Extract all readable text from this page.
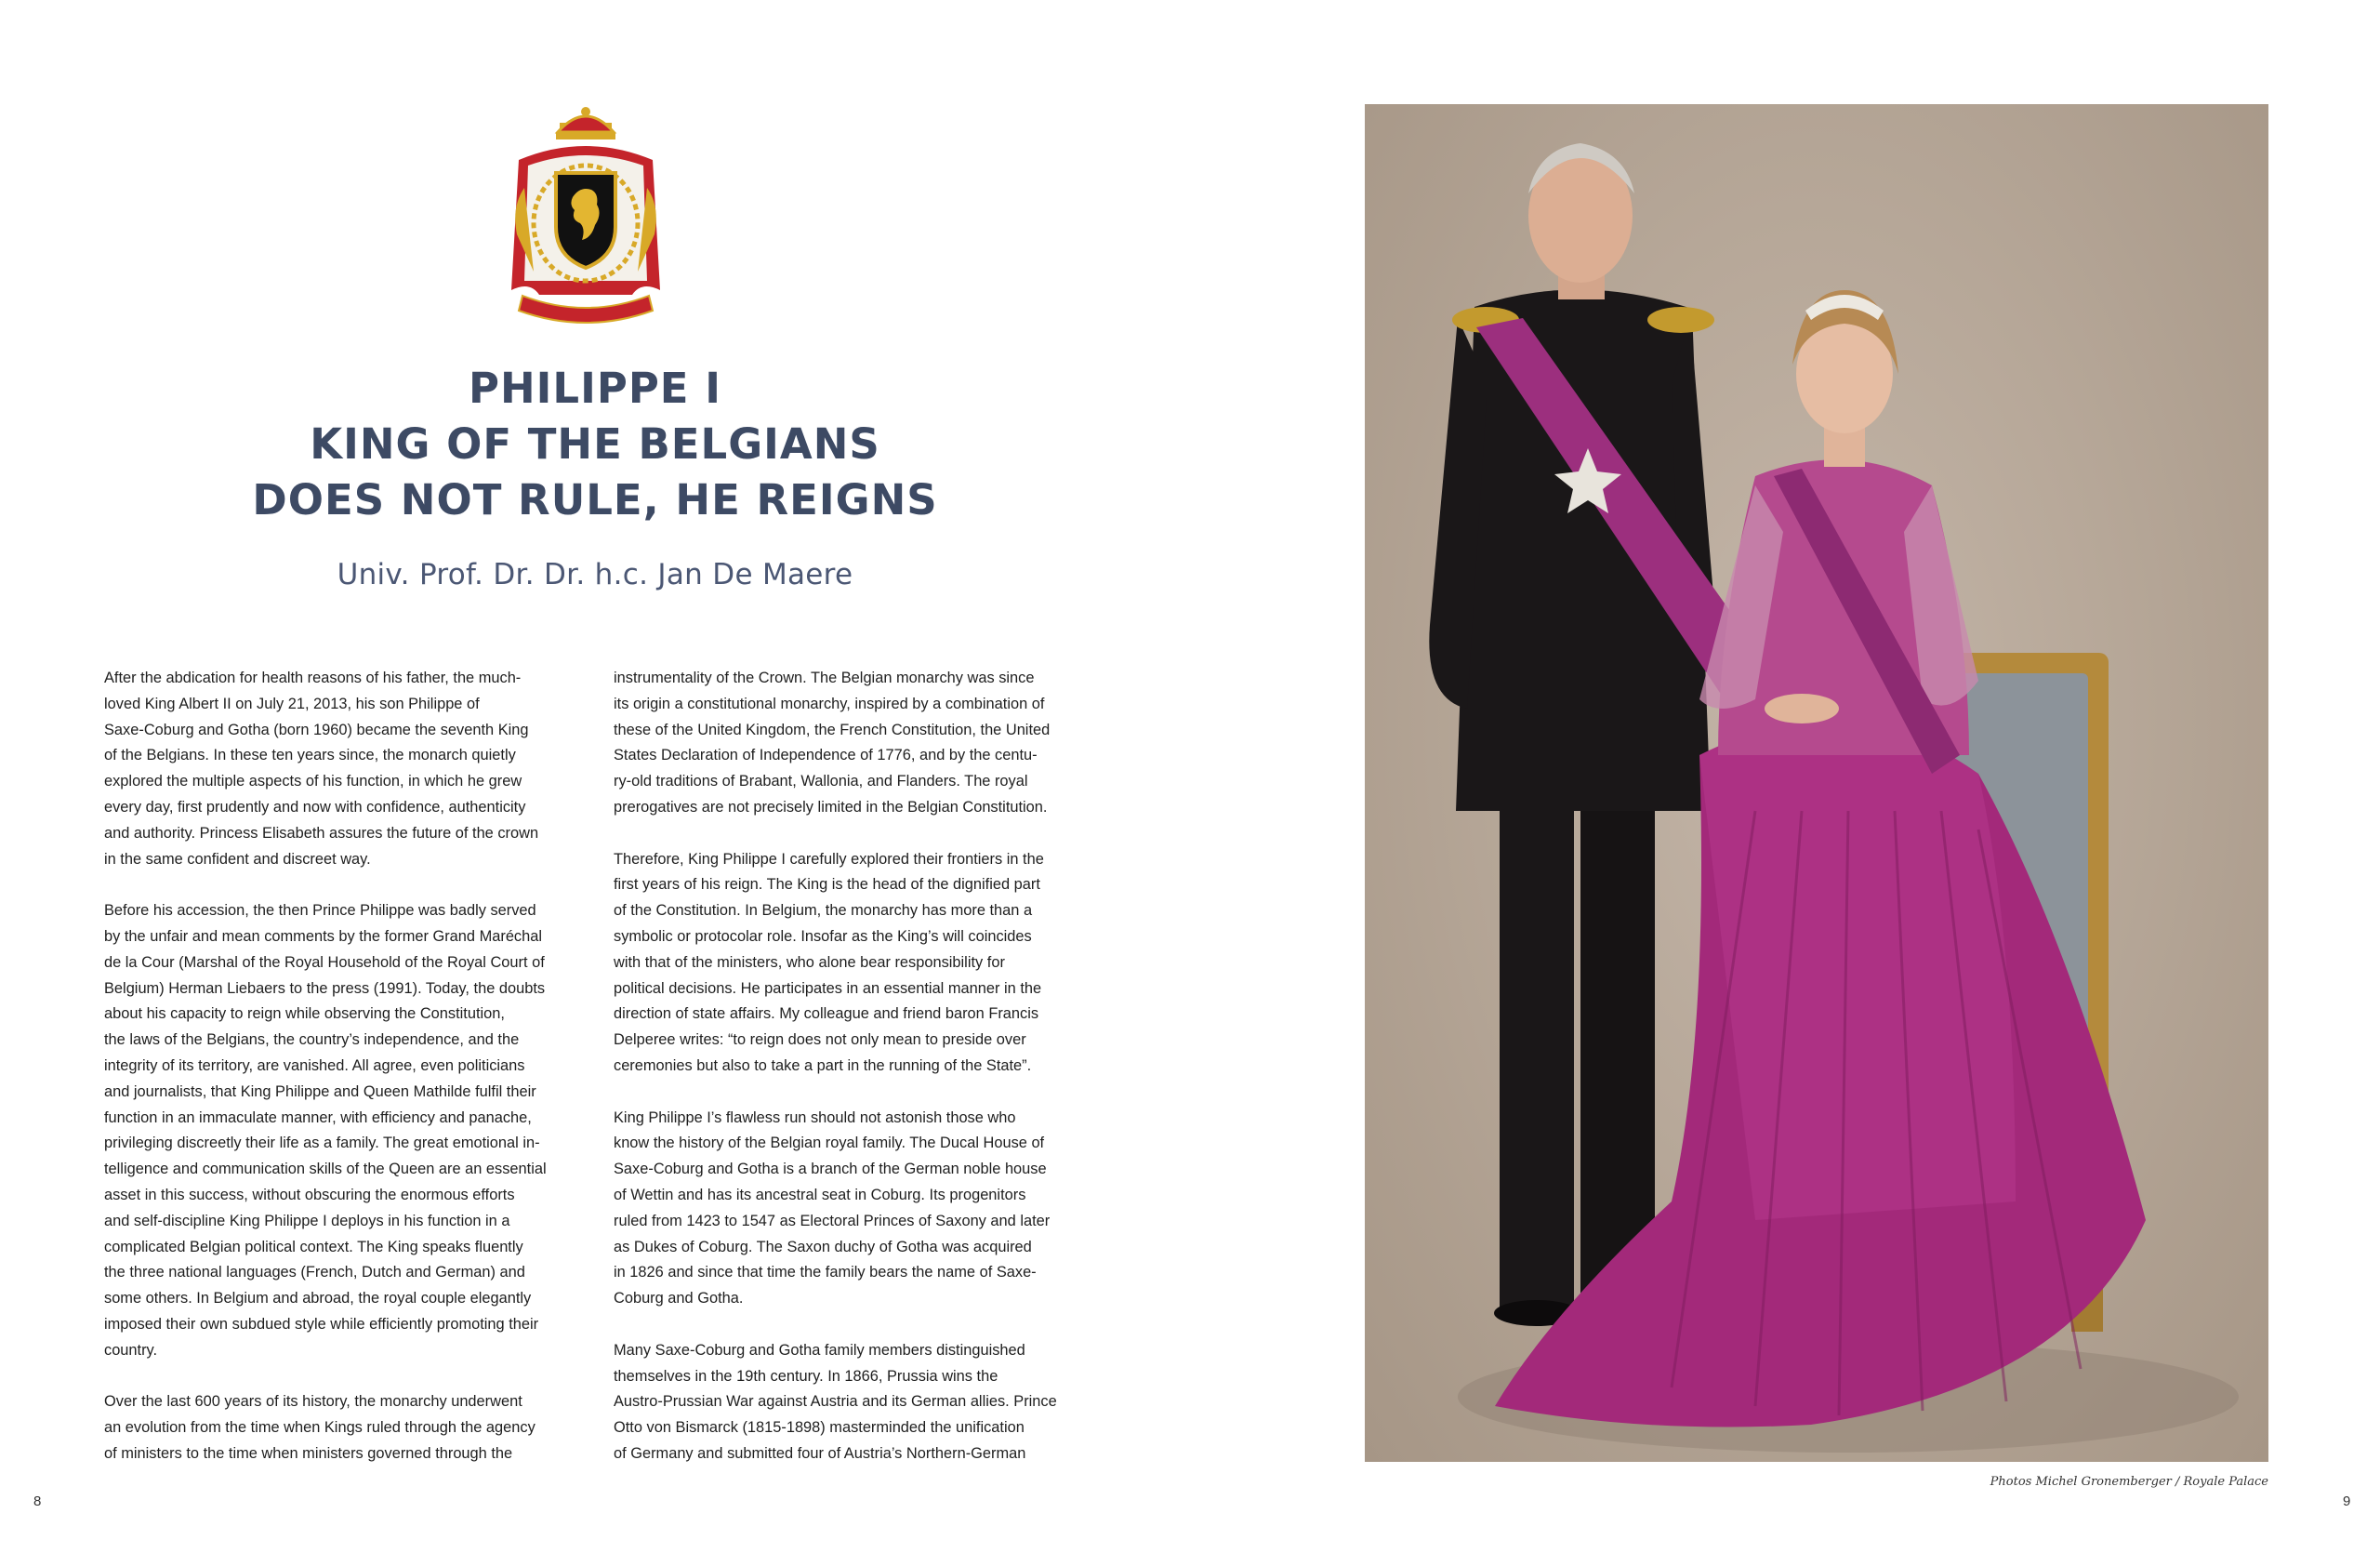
PHILIPPE I
KING OF THE BELGIANS
DOES NOT RULE, HE REIGNS
Univ. Prof. Dr. Dr. h.c. Jan De Maere

After the abdication for health reasons of his father, the much-
loved King Albert II on July 21, 2013, his son Philippe of
Saxe-Coburg and Gotha (born 1960) became the seventh King
of the Belgians. In these ten years since, the monarch quietly
explored the multiple aspects of his function, in which he grew
every day, first prudently and now with confidence, authenticity
and authority. Princess Elisabeth assures the future of the crown
in the same confident and discreet way.

Before his accession, the then Prince Philippe was badly served
by the unfair and mean comments by the former Grand Maréchal
de la Cour (Marshal of the Royal Household of the Royal Court of
Belgium) Herman Liebaers to the press (1991). Today, the doubts
about his capacity to reign while observing the Constitution,
the laws of the Belgians, the country’s independence, and the
integrity of its territory, are vanished. All agree, even politicians
and journalists, that King Philippe and Queen Mathilde fulfil their
function in an immaculate manner, with efficiency and panache,
privileging discreetly their life as a family. The great emotional in-
telligence and communication skills of the Queen are an essential
asset in this success, without obscuring the enormous efforts
and self-discipline King Philippe I deploys in his function in a
complicated Belgian political context. The King speaks fluently
the three national languages (French, Dutch and German) and
some others. In Belgium and abroad, the royal couple elegantly
imposed their own subdued style while efficiently promoting their
country.

Over the last 600 years of its history, the monarchy underwent
an evolution from the time when Kings ruled through the agency
of ministers to the time when ministers governed through the

instrumentality of the Crown. The Belgian monarchy was since
its origin a constitutional monarchy, inspired by a combination of
these of the United Kingdom, the French Constitution, the United
States Declaration of Independence of 1776, and by the centu-
ry-old traditions of Brabant, Wallonia, and Flanders. The royal
prerogatives are not precisely limited in the Belgian Constitution.

Therefore, King Philippe I carefully explored their frontiers in the
first years of his reign. The King is the head of the dignified part
of the Constitution. In Belgium, the monarchy has more than a
symbolic or protocolar role. Insofar as the King’s will coincides
with that of the ministers, who alone bear responsibility for
political decisions. He participates in an essential manner in the
direction of state affairs. My colleague and friend baron Francis
Delperee writes: “to reign does not only mean to preside over
ceremonies but also to take a part in the running of the State”.

King Philippe I’s flawless run should not astonish those who
know the history of the Belgian royal family. The Ducal House of
Saxe-Coburg and Gotha is a branch of the German noble house
of Wettin and has its ancestral seat in Coburg. Its progenitors
ruled from 1423 to 1547 as Electoral Princes of Saxony and later
as Dukes of Coburg. The Saxon duchy of Gotha was acquired
in 1826 and since that time the family bears the name of Saxe-
Coburg and Gotha.

Many Saxe-Coburg and Gotha family members distinguished
themselves in the 19th century. In 1866, Prussia wins the
Austro-Prussian War against Austria and its German allies. Prince
Otto von Bismarck (1815-1898) masterminded the unification
of Germany and submitted four of Austria’s Northern-German

8
Photos Michel Gronemberger / Royale Palace
9
